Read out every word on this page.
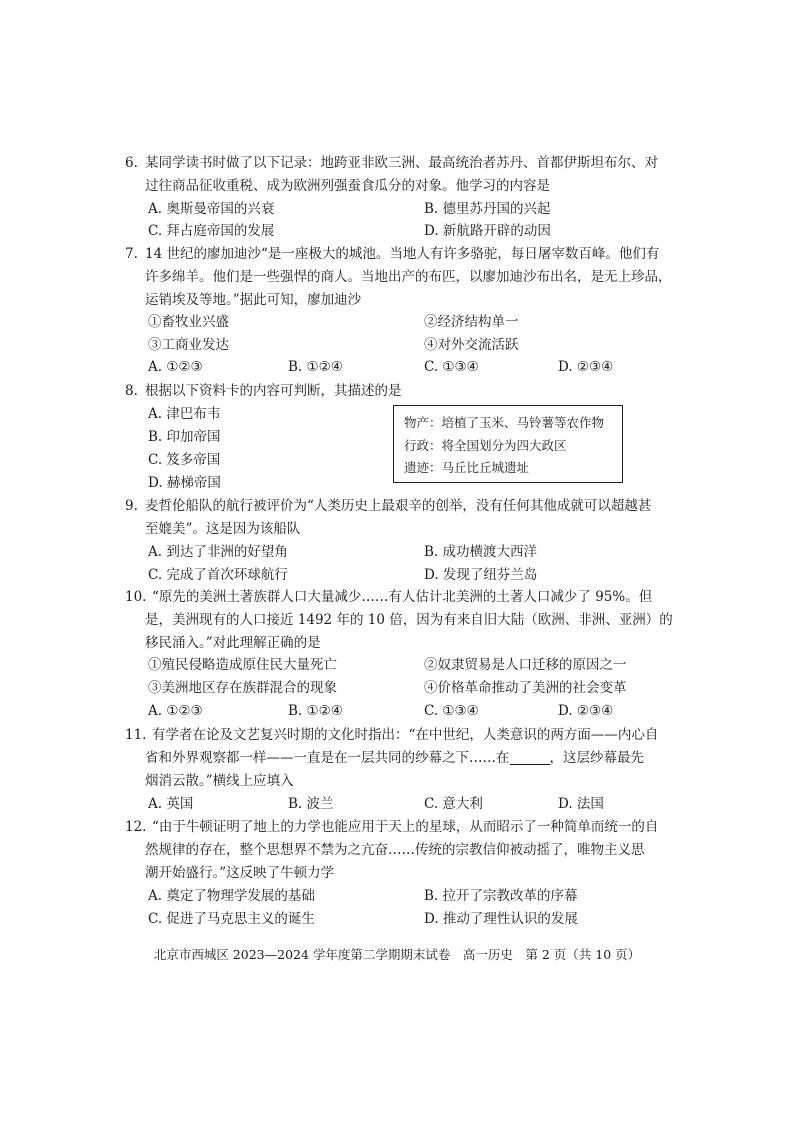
6. 某同学读书时做了以下记录：地跨亚非欧三洲、最高统治者苏丹、首都伊斯坦布尔、对
过往商品征收重税、成为欧洲列强蚕食瓜分的对象。他学习的内容是
A. 奥斯曼帝国的兴衰	B. 德里苏丹国的兴起
C. 拜占庭帝国的发展	D. 新航路开辟的动因
7. 14 世纪的廖加迪沙“是一座极大的城池。当地人有许多骆驼，每日屠宰数百峰。他们有
许多绵羊。他们是一些强悍的商人。当地出产的布匹，以廖加迪沙布出名，是无上珍品，
运销埃及等地。”据此可知，廖加迪沙
①畜牧业兴盛	②经济结构单一
③工商业发达	④对外交流活跃
A. ①②③	B. ①②④	C. ①③④	D. ②③④
8. 根据以下资料卡的内容可判断，其描述的是
A. 津巴布韦
B. 印加帝国
C. 笈多帝国
D. 赫梯帝国
物产：培植了玉米、马铃薯等农作物
行政：将全国划分为四大政区
遗迹：马丘比丘城遗址
9. 麦哲伦船队的航行被评价为“人类历史上最艰辛的创举，没有任何其他成就可以超越甚
至媲美”。这是因为该船队
A. 到达了非洲的好望角	B. 成功横渡大西洋
C. 完成了首次环球航行	D. 发现了纽芬兰岛
10. “原先的美洲土著族群人口大量减少……有人估计北美洲的土著人口减少了 95%。但
是，美洲现有的人口接近 1492 年的 10 倍，因为有来自旧大陆（欧洲、非洲、亚洲）的
移民涌入。”对此理解正确的是
①殖民侵略造成原住民大量死亡	②奴隶贸易是人口迁移的原因之一
③美洲地区存在族群混合的现象	④价格革命推动了美洲的社会变革
A. ①②③	B. ①②④	C. ①③④	D. ②③④
11. 有学者在论及文艺复兴时期的文化时指出：“在中世纪，人类意识的两方面——内心自
省和外界观察都一样——一直是在一层共同的纱幕之下……在	，这层纱幕最先
烟消云散。”横线上应填入
A. 英国	B. 波兰	C. 意大利	D. 法国
12. “由于牛顿证明了地上的力学也能应用于天上的星球，从而昭示了一种简单而统一的自
然规律的存在，整个思想界不禁为之亢奋……传统的宗教信仰被动摇了，唯物主义思
潮开始盛行。”这反映了牛顿力学
A. 奠定了物理学发展的基础	B. 拉开了宗教改革的序幕
C. 促进了马克思主义的诞生	D. 推动了理性认识的发展
北京市西城区 2023—2024 学年度第二学期期末试卷　高一历史　第 2 页（共 10 页）
